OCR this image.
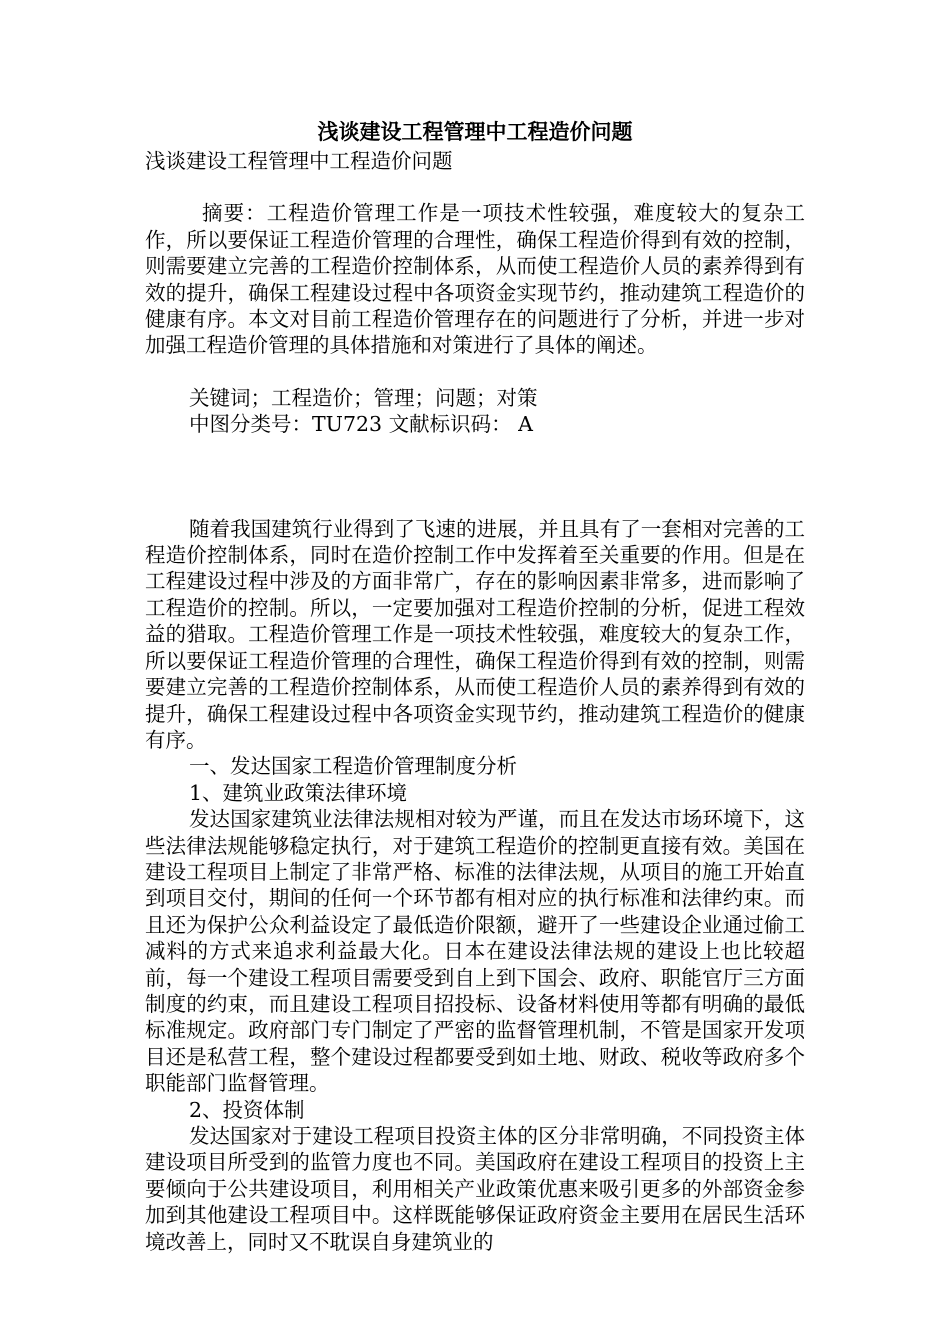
浅谈建设工程管理中工程造价问题

浅谈建设工程管理中工程造价问题

摘要：工程造价管理工作是一项技术性较强，难度较大的复杂工作，所以要保证工程造价管理的合理性，确保工程造价得到有效的控制，则需要建立完善的工程造价控制体系，从而使工程造价人员的素养得到有效的提升，确保工程建设过程中各项资金实现节约，推动建筑工程造价的健康有序。本文对目前工程造价管理存在的问题进行了分析，并进一步对加强工程造价管理的具体措施和对策进行了具体的阐述。

关键词；工程造价；管理；问题；对策

中图分类号：TU723 文献标识码： A

随着我国建筑行业得到了飞速的进展，并且具有了一套相对完善的工程造价控制体系，同时在造价控制工作中发挥着至关重要的作用。但是在工程建设过程中涉及的方面非常广，存在的影响因素非常多，进而影响了工程造价的控制。所以，一定要加强对工程造价控制的分析，促进工程效益的猎取。工程造价管理工作是一项技术性较强，难度较大的复杂工作，所以要保证工程造价管理的合理性，确保工程造价得到有效的控制，则需要建立完善的工程造价控制体系，从而使工程造价人员的素养得到有效的提升，确保工程建设过程中各项资金实现节约，推动建筑工程造价的健康有序。

一、发达国家工程造价管理制度分析

1、建筑业政策法律环境

发达国家建筑业法律法规相对较为严谨，而且在发达市场环境下，这些法律法规能够稳定执行，对于建筑工程造价的控制更直接有效。美国在建设工程项目上制定了非常严格、标准的法律法规，从项目的施工开始直到项目交付，期间的任何一个环节都有相对应的执行标准和法律约束。而且还为保护公众利益设定了最低造价限额，避开了一些建设企业通过偷工减料的方式来追求利益最大化。日本在建设法律法规的建设上也比较超前，每一个建设工程项目需要受到自上到下国会、政府、职能官厅三方面制度的约束，而且建设工程项目招投标、设备材料使用等都有明确的最低标准规定。政府部门专门制定了严密的监督管理机制，不管是国家开发项目还是私营工程，整个建设过程都要受到如土地、财政、税收等政府多个职能部门监督管理。

2、投资体制

发达国家对于建设工程项目投资主体的区分非常明确，不同投资主体建设项目所受到的监管力度也不同。美国政府在建设工程项目的投资上主要倾向于公共建设项目，利用相关产业政策优惠来吸引更多的外部资金参加到其他建设工程项目中。这样既能够保证政府资金主要用在居民生活环境改善上，同时又不耽误自身建筑业的
